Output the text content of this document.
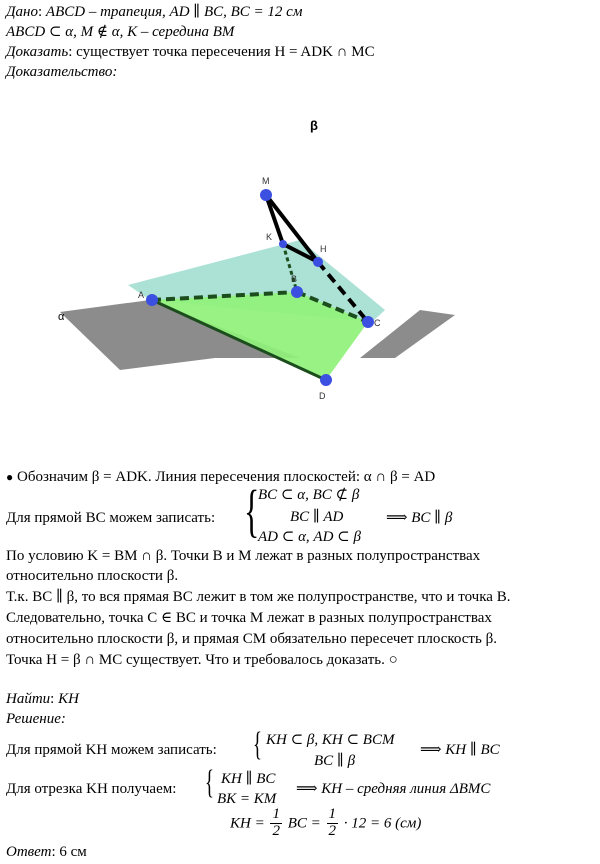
Дано: ABCD – трапеция, AD ∥ BC, BC = 12 см
ABCD ⊂ α, M ∉ α, K – середина BM
Доказать: существует точка пересечения H = ADK ∩ MC
Доказательство:
β
α
M
K
H
B
A
C
D
● Обозначим β = ADK. Линия пересечения плоскостей: α ∩ β = AD
Для прямой BC можем записать: {
BC ⊂ α, BC ⊄ β
BC ∥ AD
AD ⊂ α, AD ⊂ β
⟹ BC ∥ β
По условию K = BM ∩ β. Точки B и M лежат в разных полупространствах
относительно плоскости β.
Т.к. BC ∥ β, то вся прямая BC лежит в том же полупространстве, что и точка B.
Следовательно, точка C ∈ BC и точка M лежат в разных полупространствах
относительно плоскости β, и прямая CM обязательно пересечет плоскость β.
Точка H = β ∩ MC существует. Что и требовалось доказать. ○
Найти: KH
Решение:
Для прямой KH можем записать: { KH ⊂ β, KH ⊂ BCM
BC ∥ β
⟹ KH ∥ BC
Для отрезка KH получаем: { KH ∥ BC
BK = KM
⟹ KH – средняя линия ΔBMC
KH = $\frac{1}{2}$ BC = $\frac{1}{2} \cdot 12 = 6$ (см)
Ответ: 6 см
